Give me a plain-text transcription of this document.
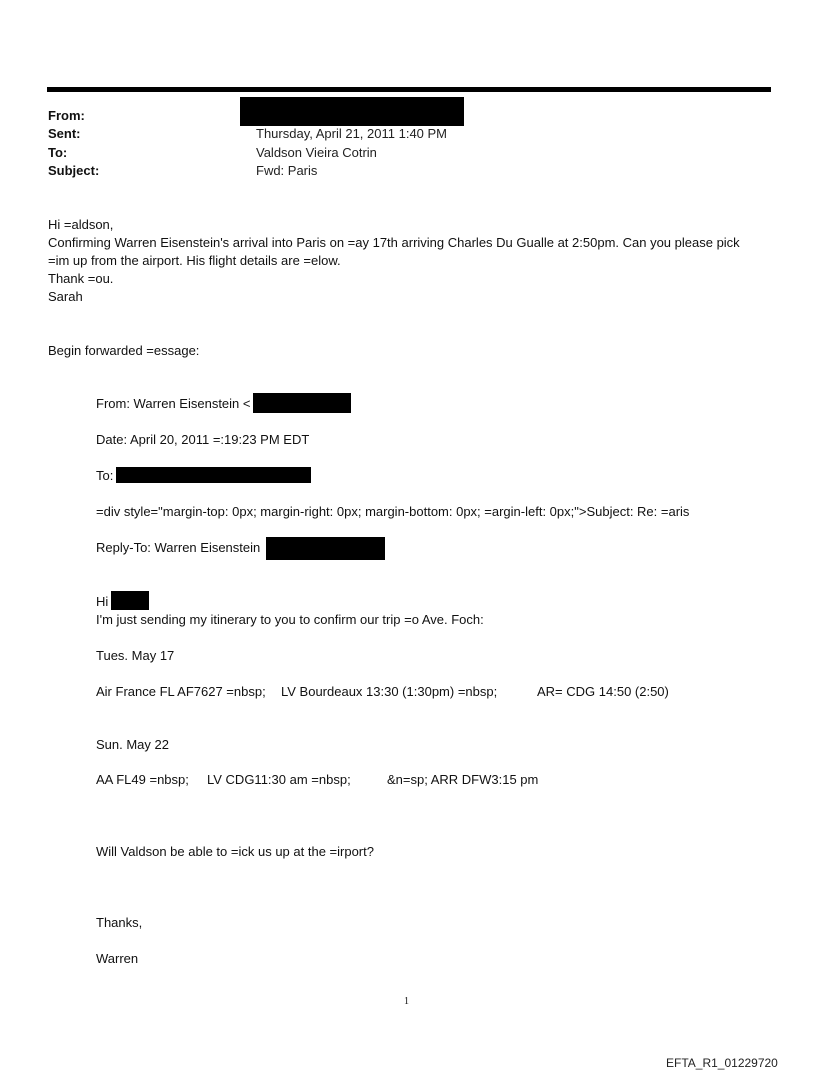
From:
Sent:	Thursday, April 21, 2011 1:40 PM
To:	Valdson Vieira Cotrin
Subject:	Fwd: Paris
Hi =aldson,
Confirming Warren Eisenstein's arrival into Paris on =ay 17th arriving Charles Du Gualle at 2:50pm. Can you please pick
=im up from the airport. His flight details are =elow.
Thank =ou.
Sarah
Begin forwarded =essage:
From: Warren Eisenstein <
Date: April 20, 2011 =:19:23 PM EDT
To:
=div style="margin-top: 0px; margin-right: 0px; margin-bottom: 0px; =argin-left: 0px;">Subject: Re: =aris
Reply-To: Warren Eisenstein
Hi
I'm just sending my itinerary to you to confirm our trip =o Ave. Foch:
Tues. May 17
Air France FL AF7627 =nbsp; LV Bourdeaux 13:30 (1:30pm) =nbsp;	AR= CDG 14:50 (2:50)
Sun. May 22
AA FL49 =nbsp; LV CDG11:30 am =nbsp;	&n=sp; ARR DFW3:15 pm
Will Valdson be able to =ick us up at the =irport?
Thanks,
Warren
1
EFTA_R1_01229720
